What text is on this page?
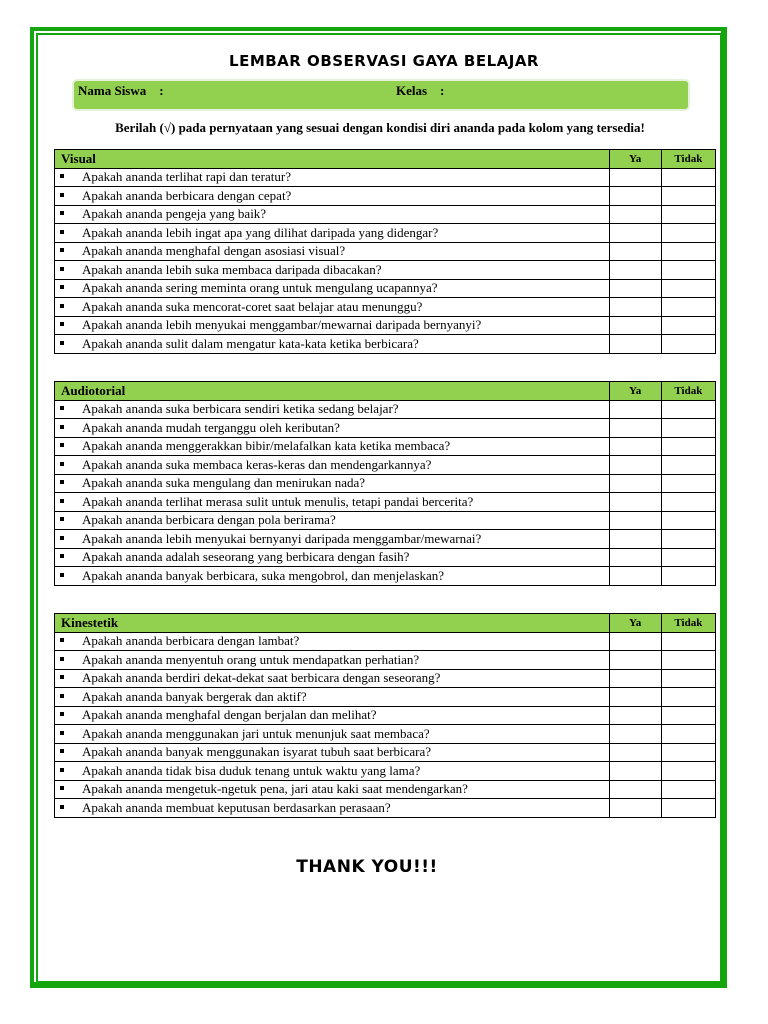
LEMBAR OBSERVASI GAYA BELAJAR
Nama Siswa    :	Kelas    :
Berilah (√) pada pernyataan yang sesuai dengan kondisi diri ananda pada kolom yang tersedia!
Visual	Ya	Tidak
Apakah ananda terlihat rapi dan teratur?		
Apakah ananda berbicara dengan cepat?		
Apakah ananda pengeja yang baik?		
Apakah ananda lebih ingat apa yang dilihat daripada yang didengar?		
Apakah ananda menghafal dengan asosiasi visual?		
Apakah ananda lebih suka membaca daripada dibacakan?		
Apakah ananda sering meminta orang untuk mengulang ucapannya?		
Apakah ananda suka mencorat-coret saat belajar atau menunggu?		
Apakah ananda lebih menyukai menggambar/mewarnai daripada bernyanyi?		
Apakah ananda sulit dalam mengatur kata-kata ketika berbicara?		
Audiotorial	Ya	Tidak
Apakah ananda suka berbicara sendiri ketika sedang belajar?		
Apakah ananda mudah terganggu oleh keributan?		
Apakah ananda menggerakkan bibir/melafalkan kata ketika membaca?		
Apakah ananda suka membaca keras-keras dan mendengarkannya?		
Apakah ananda suka mengulang dan menirukan nada?		
Apakah ananda terlihat merasa sulit untuk menulis, tetapi pandai bercerita?		
Apakah ananda berbicara dengan pola berirama?		
Apakah ananda lebih menyukai bernyanyi daripada menggambar/mewarnai?		
Apakah ananda adalah seseorang yang berbicara dengan fasih?		
Apakah ananda banyak berbicara, suka mengobrol, dan menjelaskan?		
Kinestetik	Ya	Tidak
Apakah ananda berbicara dengan lambat?		
Apakah ananda menyentuh orang untuk mendapatkan perhatian?		
Apakah ananda berdiri dekat-dekat saat berbicara dengan seseorang?		
Apakah ananda banyak bergerak dan aktif?		
Apakah ananda menghafal dengan berjalan dan melihat?		
Apakah ananda menggunakan jari untuk menunjuk saat membaca?		
Apakah ananda banyak menggunakan isyarat tubuh saat berbicara?		
Apakah ananda tidak bisa duduk tenang untuk waktu yang lama?		
Apakah ananda mengetuk-ngetuk pena, jari atau kaki saat mendengarkan?		
Apakah ananda membuat keputusan berdasarkan perasaan?		
THANK YOU!!!
